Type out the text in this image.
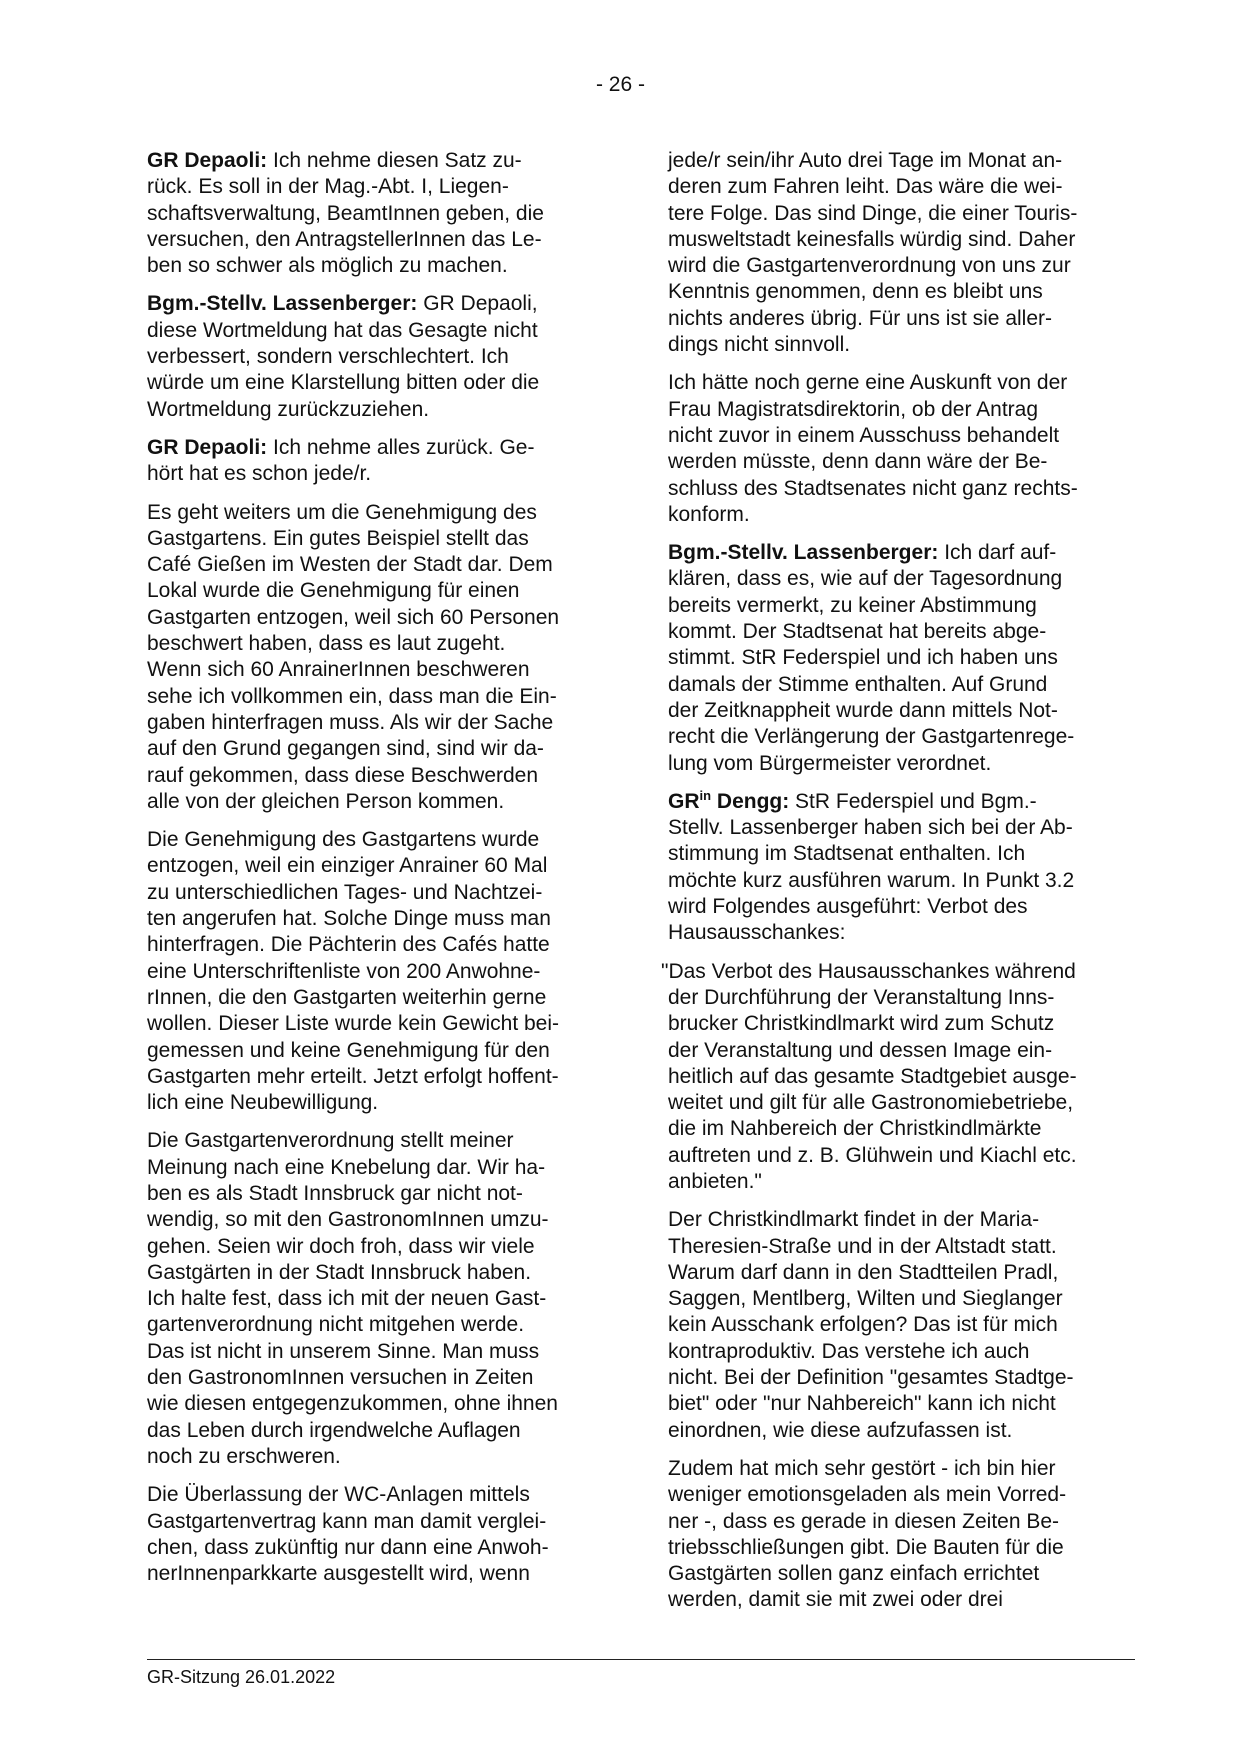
- 26 -

GR Depaoli: Ich nehme diesen Satz zu-
rück. Es soll in der Mag.-Abt. I, Liegen-
schaftsverwaltung, BeamtInnen geben, die
versuchen, den AntragstellerInnen das Le-
ben so schwer als möglich zu machen.

Bgm.-Stellv. Lassenberger: GR Depaoli,
diese Wortmeldung hat das Gesagte nicht
verbessert, sondern verschlechtert. Ich
würde um eine Klarstellung bitten oder die
Wortmeldung zurückzuziehen.

GR Depaoli: Ich nehme alles zurück. Ge-
hört hat es schon jede/r.

Es geht weiters um die Genehmigung des
Gastgartens. Ein gutes Beispiel stellt das
Café Gießen im Westen der Stadt dar. Dem
Lokal wurde die Genehmigung für einen
Gastgarten entzogen, weil sich 60 Personen
beschwert haben, dass es laut zugeht.
Wenn sich 60 AnrainerInnen beschweren
sehe ich vollkommen ein, dass man die Ein-
gaben hinterfragen muss. Als wir der Sache
auf den Grund gegangen sind, sind wir da-
rauf gekommen, dass diese Beschwerden
alle von der gleichen Person kommen.

Die Genehmigung des Gastgartens wurde
entzogen, weil ein einziger Anrainer 60 Mal
zu unterschiedlichen Tages- und Nachtzei-
ten angerufen hat. Solche Dinge muss man
hinterfragen. Die Pächterin des Cafés hatte
eine Unterschriftenliste von 200 Anwohne-
rInnen, die den Gastgarten weiterhin gerne
wollen. Dieser Liste wurde kein Gewicht bei-
gemessen und keine Genehmigung für den
Gastgarten mehr erteilt. Jetzt erfolgt hoffent-
lich eine Neubewilligung.

Die Gastgartenverordnung stellt meiner
Meinung nach eine Knebelung dar. Wir ha-
ben es als Stadt Innsbruck gar nicht not-
wendig, so mit den GastronomInnen umzu-
gehen. Seien wir doch froh, dass wir viele
Gastgärten in der Stadt Innsbruck haben.
Ich halte fest, dass ich mit der neuen Gast-
gartenverordnung nicht mitgehen werde.
Das ist nicht in unserem Sinne. Man muss
den GastronomInnen versuchen in Zeiten
wie diesen entgegenzukommen, ohne ihnen
das Leben durch irgendwelche Auflagen
noch zu erschweren.

Die Überlassung der WC-Anlagen mittels
Gastgartenvertrag kann man damit verglei-
chen, dass zukünftig nur dann eine Anwoh-
nerInnenparkkarte ausgestellt wird, wenn

jede/r sein/ihr Auto drei Tage im Monat an-
deren zum Fahren leiht. Das wäre die wei-
tere Folge. Das sind Dinge, die einer Touris-
musweltstadt keinesfalls würdig sind. Daher
wird die Gastgartenverordnung von uns zur
Kenntnis genommen, denn es bleibt uns
nichts anderes übrig. Für uns ist sie aller-
dings nicht sinnvoll.

Ich hätte noch gerne eine Auskunft von der
Frau Magistratsdirektorin, ob der Antrag
nicht zuvor in einem Ausschuss behandelt
werden müsste, denn dann wäre der Be-
schluss des Stadtsenates nicht ganz rechts-
konform.

Bgm.-Stellv. Lassenberger: Ich darf auf-
klären, dass es, wie auf der Tagesordnung
bereits vermerkt, zu keiner Abstimmung
kommt. Der Stadtsenat hat bereits abge-
stimmt. StR Federspiel und ich haben uns
damals der Stimme enthalten. Auf Grund
der Zeitknappheit wurde dann mittels Not-
recht die Verlängerung der Gastgartenrege-
lung vom Bürgermeister verordnet.

$GR^{in}$ Dengg: StR Federspiel und Bgm.-
Stellv. Lassenberger haben sich bei der Ab-
stimmung im Stadtsenat enthalten. Ich
möchte kurz ausführen warum. In Punkt 3.2
wird Folgendes ausgeführt: Verbot des
Hausausschankes:

"Das Verbot des Hausausschankes während
der Durchführung der Veranstaltung Inns-
brucker Christkindlmarkt wird zum Schutz
der Veranstaltung und dessen Image ein-
heitlich auf das gesamte Stadtgebiet ausge-
weitet und gilt für alle Gastronomiebetriebe,
die im Nahbereich der Christkindlmärkte
auftreten und z. B. Glühwein und Kiachl etc.
anbieten."

Der Christkindlmarkt findet in der Maria-
Theresien-Straße und in der Altstadt statt.
Warum darf dann in den Stadtteilen Pradl,
Saggen, Mentlberg, Wilten und Sieglanger
kein Ausschank erfolgen? Das ist für mich
kontraproduktiv. Das verstehe ich auch
nicht. Bei der Definition "gesamtes Stadtge-
biet" oder "nur Nahbereich" kann ich nicht
einordnen, wie diese aufzufassen ist.

Zudem hat mich sehr gestört - ich bin hier
weniger emotionsgeladen als mein Vorred-
ner -, dass es gerade in diesen Zeiten Be-
triebsschließungen gibt. Die Bauten für die
Gastgärten sollen ganz einfach errichtet
werden, damit sie mit zwei oder drei

GR-Sitzung 26.01.2022
